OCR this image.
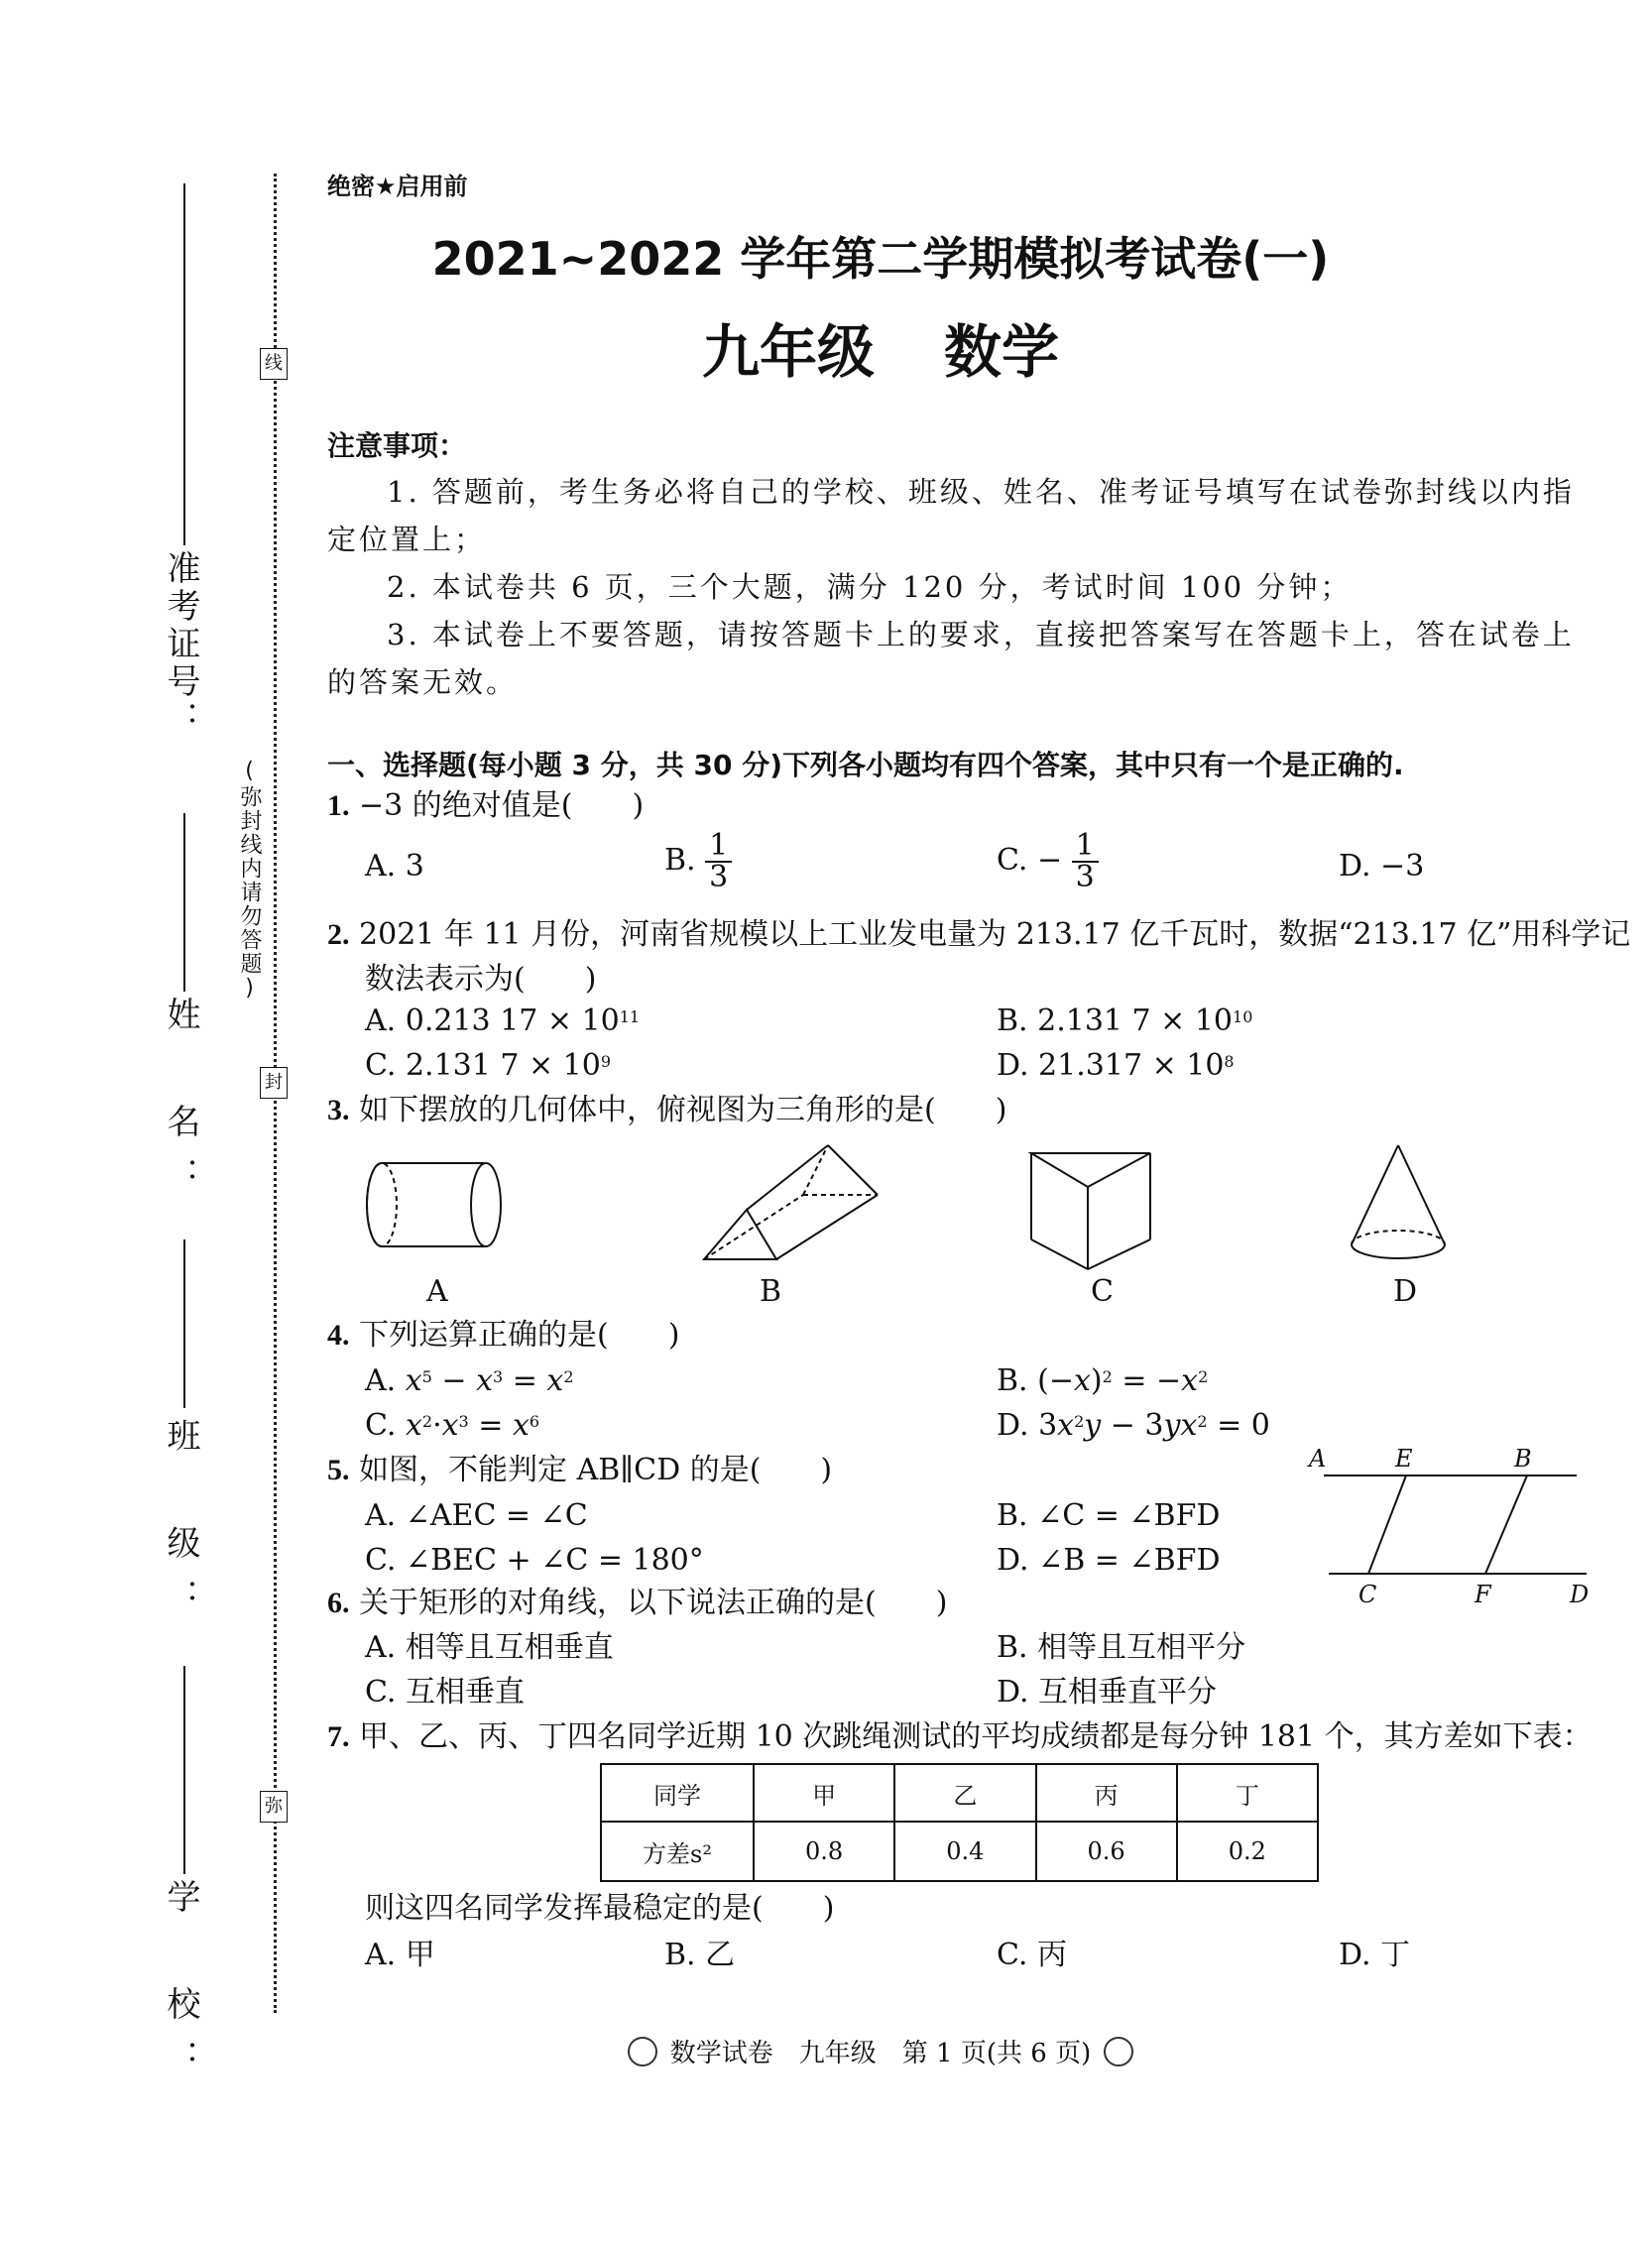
准考证号：
姓　名：
班　级：
学　校：
线
封
弥
(弥封线内请勿答题)
绝密★启用前
2021~2022 学年第二学期模拟考试卷(一)
九年级 数学
注意事项：
1. 答题前，考生务必将自己的学校、班级、姓名、准考证号填写在试卷弥封线以内指定位置上；
2. 本试卷共 6 页，三个大题，满分 120 分，考试时间 100 分钟；
3. 本试卷上不要答题，请按答题卡上的要求，直接把答案写在答题卡上，答在试卷上的答案无效。
一、选择题(每小题 3 分，共 30 分)下列各小题均有四个答案，其中只有一个是正确的.
1. −3 的绝对值是(　　)
A. 3	B. $\frac{1}{3}$	C. − $\frac{1}{3}$	D. −3
2. 2021 年 11 月份，河南省规模以上工业发电量为 213.17 亿千瓦时，数据“213.17 亿”用科学记数法表示为(　　)
A. 0.213 $17 \times 10^{11}$	B. 2.131 $7 \times 10^{10}$
C. 2.131 $7 \times 10^9$	D. $21.317 \times 10^8$
3. 如下摆放的几何体中，俯视图为三角形的是(　　)
A	B	C	D
4. 下列运算正确的是(　　)
A. $x^5 - x^3 = x^2$	B. $(-x)^2 = -x^2$
C. $x^2\cdot x^3 = x^6$	D. $3x^2y - 3yx^2 = 0$
5. 如图，不能判定 AB∥CD 的是(　　)
A. ∠AEC = ∠C	B. ∠C = ∠BFD
C. ∠BEC + ∠C = 180°	D. ∠B = ∠BFD
A	E	B
C	F	D
6. 关于矩形的对角线，以下说法正确的是(　　)
A. 相等且互相垂直	B. 相等且互相平分
C. 互相垂直	D. 互相垂直平分
7. 甲、乙、丙、丁四名同学近期 10 次跳绳测试的平均成绩都是每分钟 181 个，其方差如下表：
同学	甲	乙	丙	丁
方差s²	0.8	0.4	0.6	0.2
则这四名同学发挥最稳定的是(　　)
A. 甲	B. 乙	C. 丙	D. 丁
数学试卷　九年级　第 1 页(共 6 页)
